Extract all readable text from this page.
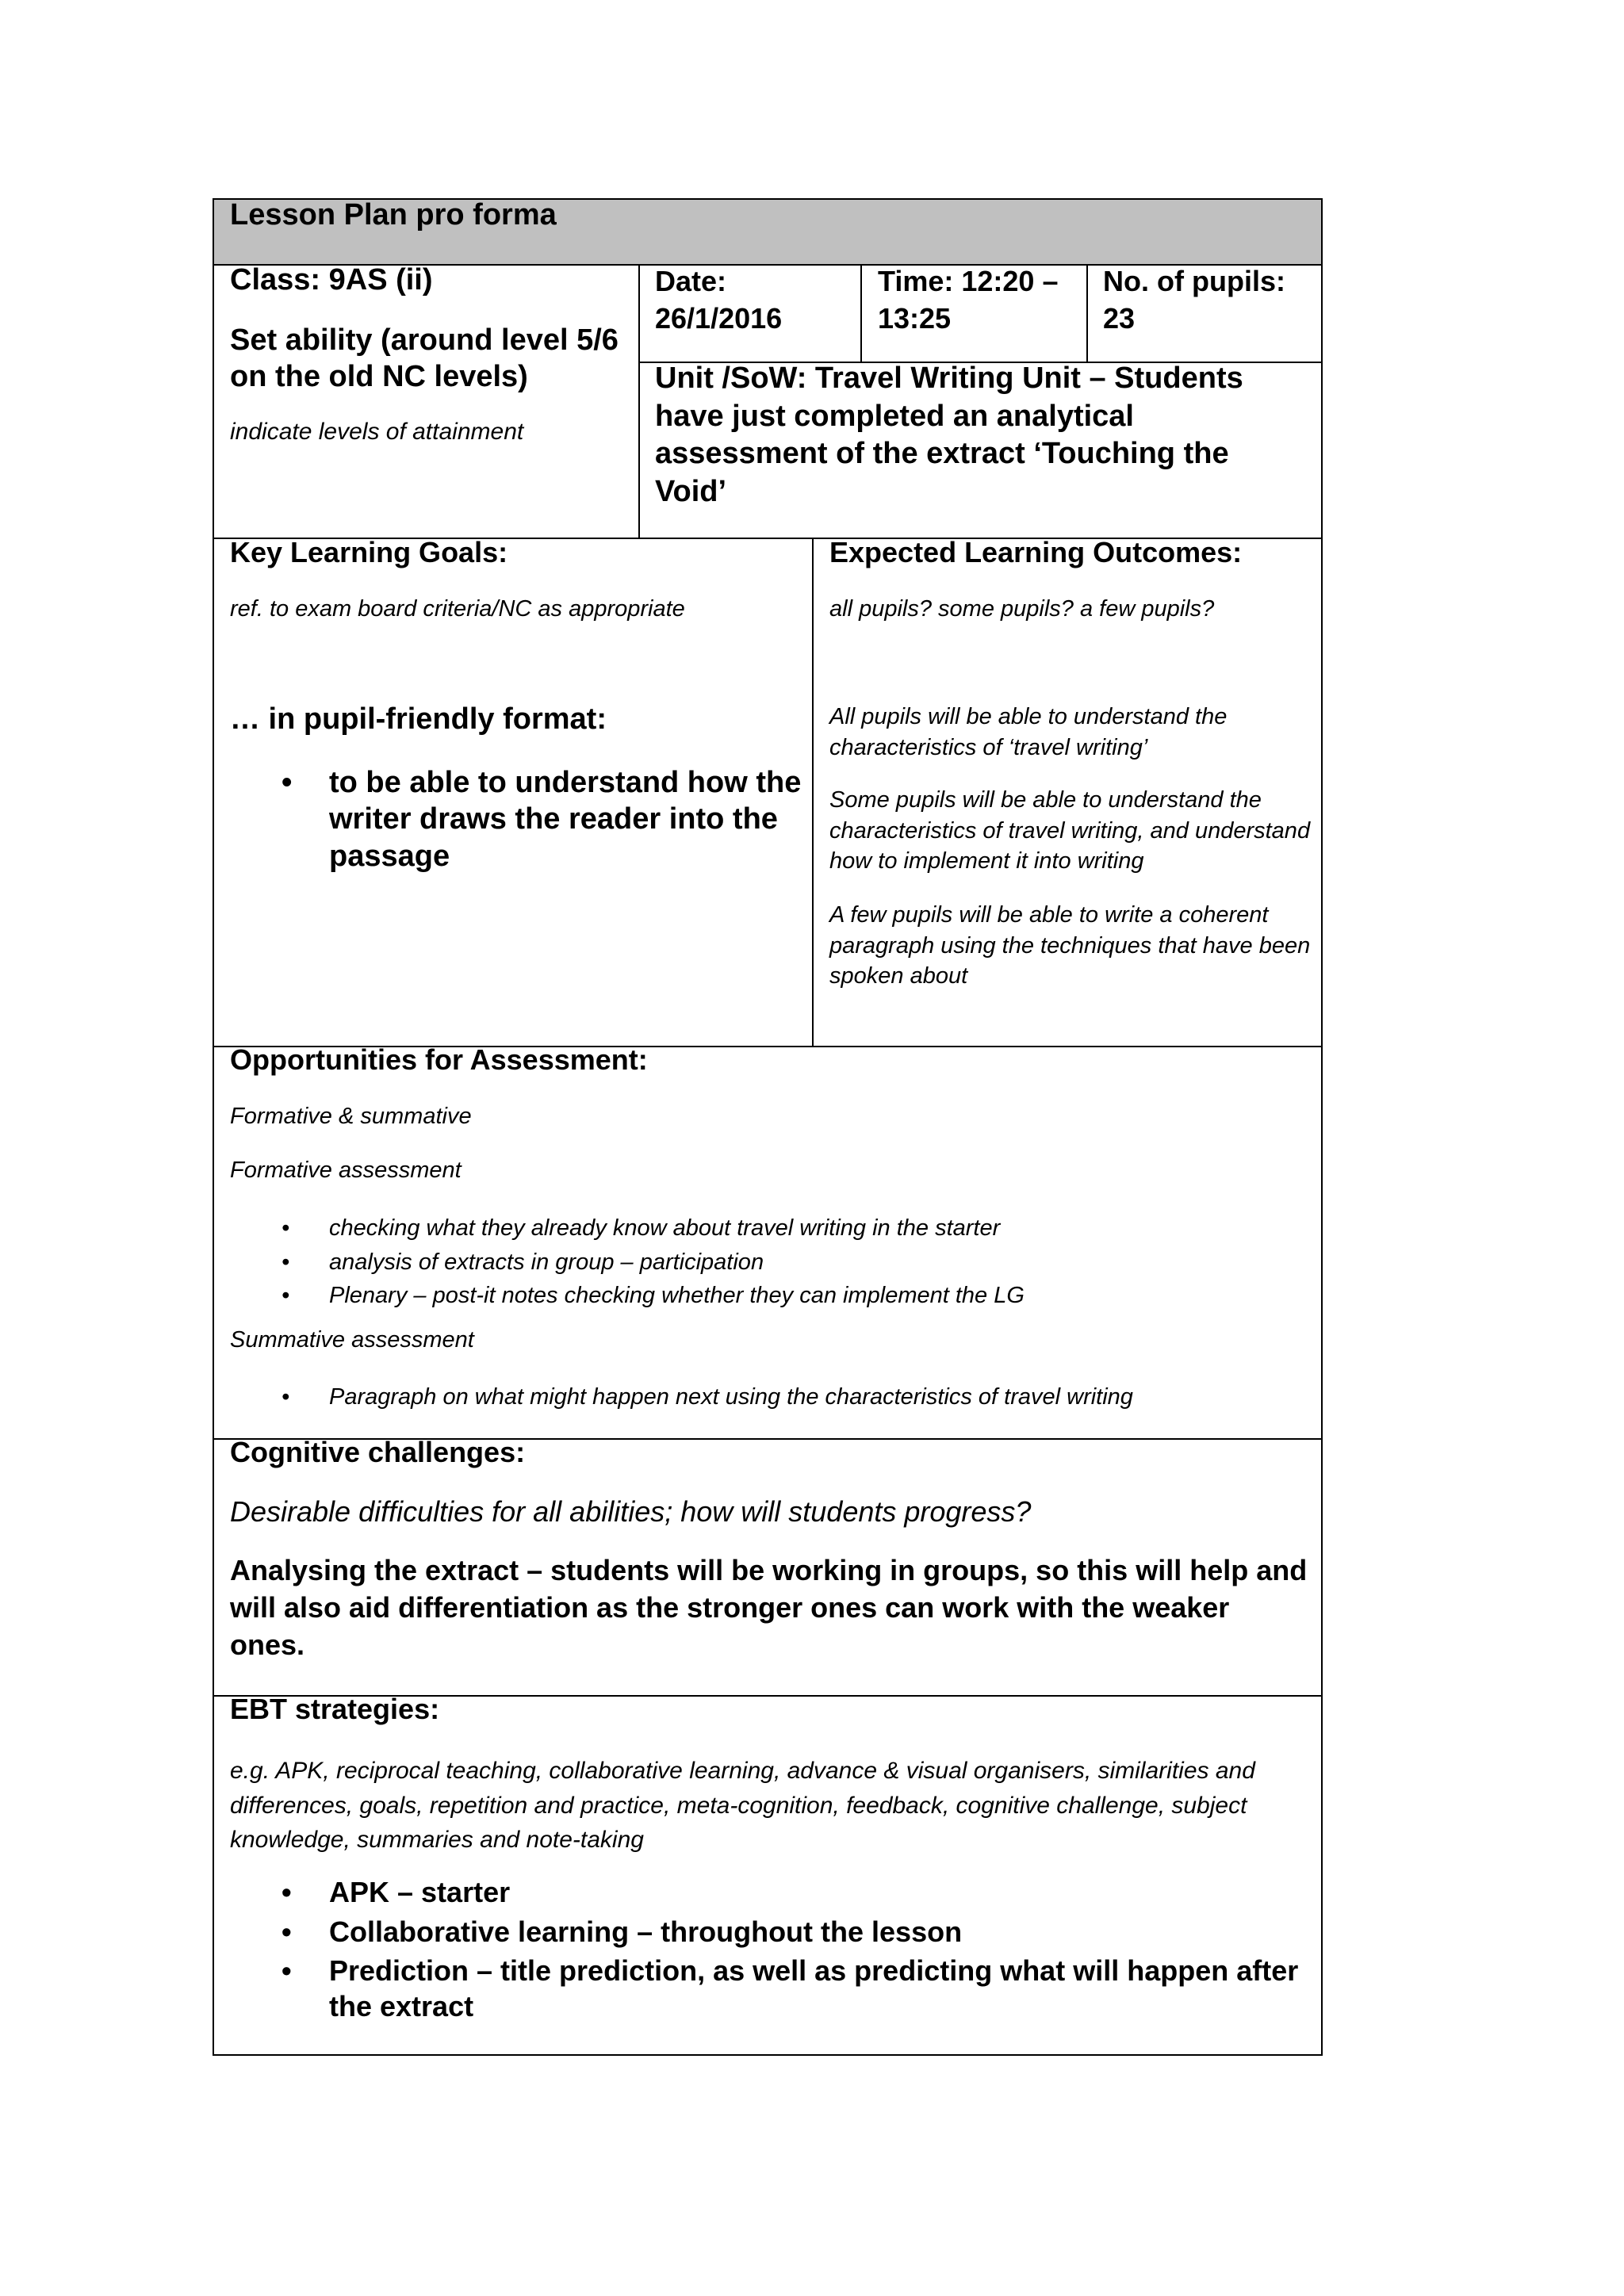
Lesson Plan pro forma

Class: 9AS (ii)

Set ability (around level 5/6 on the old NC levels)

indicate levels of attainment

Date:

26/1/2016

Time: 12:20 –

13:25

No. of pupils:

23

Unit /SoW: Travel Writing Unit – Students have just completed an analytical assessment of the extract ‘Touching the Void’

Key Learning Goals:

ref. to exam board criteria/NC as appropriate

… in pupil-friendly format:

• to be able to understand how the writer draws the reader into the passage

Expected Learning Outcomes:

all pupils? some pupils? a few pupils?

All pupils will be able to understand the characteristics of ‘travel writing’

Some pupils will be able to understand the characteristics of travel writing, and understand how to implement it into writing

A few pupils will be able to write a coherent paragraph using the techniques that have been spoken about

Opportunities for Assessment:

Formative & summative

Formative assessment

• checking what they already know about travel writing in the starter
• analysis of extracts in group – participation
• Plenary – post-it notes checking whether they can implement the LG

Summative assessment

• Paragraph on what might happen next using the characteristics of travel writing

Cognitive challenges:

Desirable difficulties for all abilities; how will students progress?

Analysing the extract – students will be working in groups, so this will help and will also aid differentiation as the stronger ones can work with the weaker ones.

EBT strategies:

e.g. APK, reciprocal teaching, collaborative learning, advance & visual organisers, similarities and differences, goals, repetition and practice, meta-cognition, feedback, cognitive challenge, subject knowledge, summaries and note-taking

• APK – starter
• Collaborative learning – throughout the lesson
• Prediction – title prediction, as well as predicting what will happen after the extract
